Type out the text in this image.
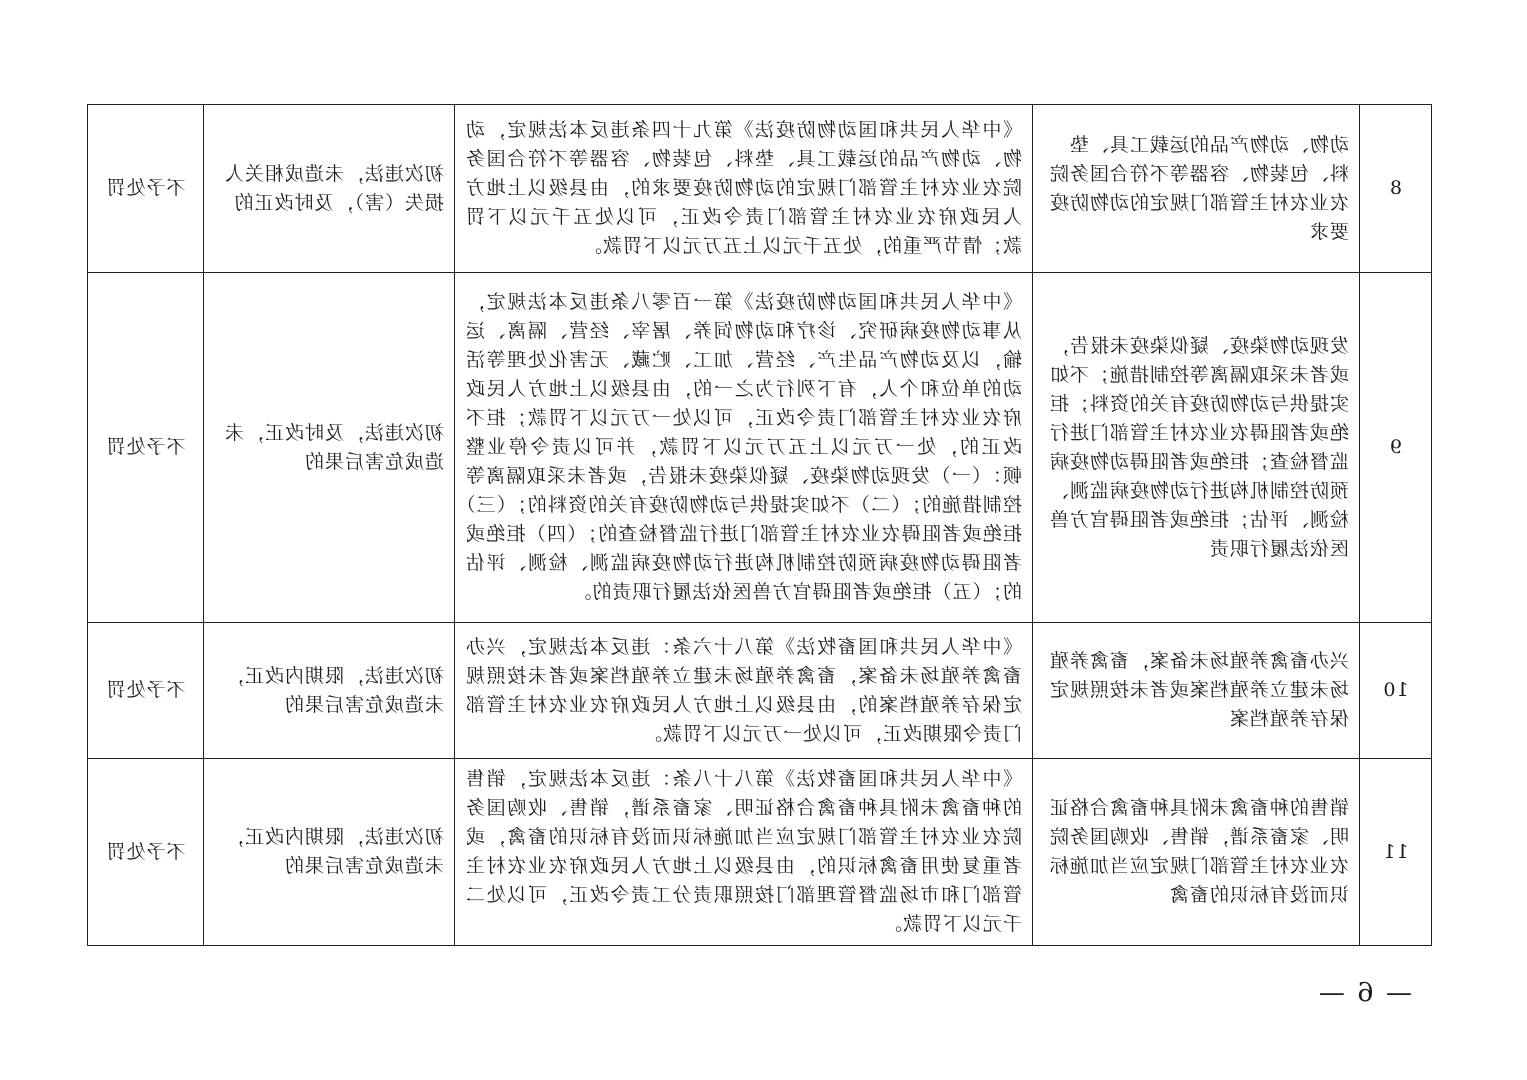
8	动物、动物产品的运载工具、垫料、包装物、容器等不符合国务院农业农村主管部门规定的动物防疫要求	《中华人民共和国动物防疫法》第九十四条违反本法规定，动物、动物产品的运载工具、垫料、包装物、容器等不符合国务院农业农村主管部门规定的动物防疫要求的，由县级以上地方人民政府农业农村主管部门责令改正，可以处五千元以下罚款；情节严重的，处五千元以上五万元以下罚款。	初次违法，未造成相关人损失（害），及时改正的	不予处罚
9	发现动物染疫、疑似染疫未报告，或者未采取隔离等控制措施；不如实提供与动物防疫有关的资料；拒绝或者阻碍农业农村主管部门进行监督检查；拒绝或者阻碍动物疫病预防控制机构进行动物疫病监测、检测、评估；拒绝或者阻碍官方兽医依法履行职责	《中华人民共和国动物防疫法》第一百零八条违反本法规定，从事动物疫病研究、诊疗和动物饲养、屠宰、经营、隔离、运输，以及动物产品生产、经营、加工、贮藏、无害化处理等活动的单位和个人，有下列行为之一的，由县级以上地方人民政府农业农村主管部门责令改正，可以处一万元以下罚款；拒不改正的，处一万元以上五万元以下罚款，并可以责令停业整顿：（一）发现动物染疫、疑似染疫未报告，或者未采取隔离等控制措施的；（二）不如实提供与动物防疫有关的资料的；（三）拒绝或者阻碍农业农村主管部门进行监督检查的；（四）拒绝或者阻碍动物疫病预防控制机构进行动物疫病监测、检测、评估的；（五）拒绝或者阻碍官方兽医依法履行职责的。	初次违法，及时改正，未造成危害后果的	不予处罚
10	兴办畜禽养殖场未备案，畜禽养殖场未建立养殖档案或者未按照规定保存养殖档案	《中华人民共和国畜牧法》第八十六条：违反本法规定，兴办畜禽养殖场未备案，畜禽养殖场未建立养殖档案或者未按照规定保存养殖档案的，由县级以上地方人民政府农业农村主管部门责令限期改正，可以处一万元以下罚款。	初次违法，限期内改正，未造成危害后果的	不予处罚
11	销售的种畜禽未附具种畜禽合格证明、家畜系谱，销售、收购国务院农业农村主管部门规定应当加施标识而没有标识的畜禽	《中华人民共和国畜牧法》第八十八条：违反本法规定，销售的种畜禽未附具种畜禽合格证明、家畜系谱，销售、收购国务院农业农村主管部门规定应当加施标识而没有标识的畜禽，或者重复使用畜禽标识的，由县级以上地方人民政府农业农村主管部门和市场监督管理部门按照职责分工责令改正，可以处二千元以下罚款。	初次违法，限期内改正，未造成危害后果的	不予处罚
— 6 —
